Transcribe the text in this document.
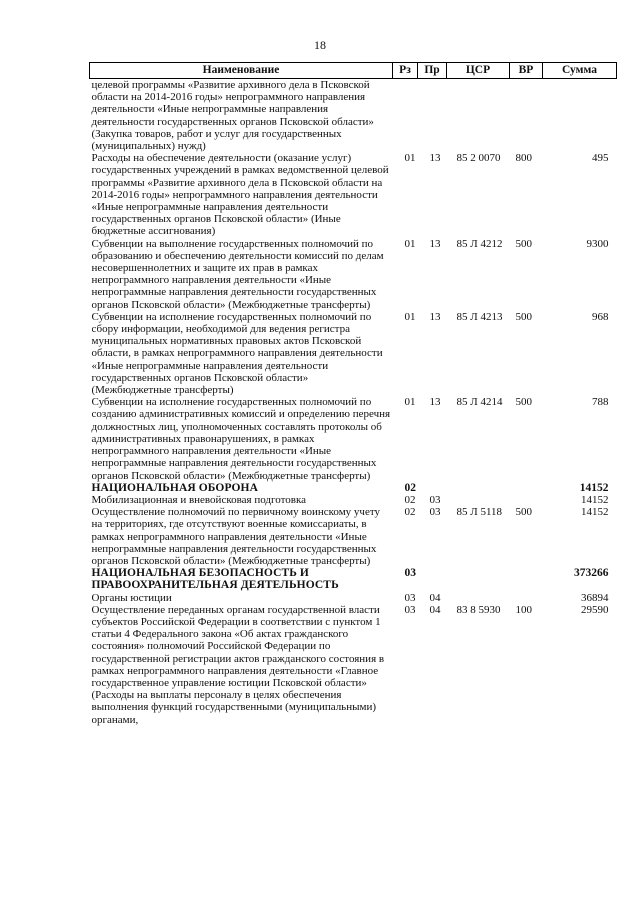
18
Наименование	Рз	Пр	ЦСР	ВР	Сумма
целевой программы «Развитие архивного дела в Псковской области на 2014-2016 годы» непрограммного направления деятельности «Иные непрограммные направления деятельности государственных органов Псковской области» (Закупка товаров, работ и услуг для государственных (муниципальных) нужд)					
Расходы на обеспечение деятельности (оказание услуг) государственных учреждений в рамках ведомственной целевой программы «Развитие архивного дела в Псковской области на 2014-2016 годы» непрограммного направления деятельности «Иные непрограммные направления деятельности государственных органов Псковской области» (Иные бюджетные ассигнования)	01	13	85 2 0070	800	495
Субвенции на выполнение государственных полномочий по образованию и обеспечению деятельности комиссий по делам несовершеннолетних и защите их прав в рамках непрограммного направления деятельности «Иные непрограммные направления деятельности государственных органов Псковской области» (Межбюджетные трансферты)	01	13	85 Л 4212	500	9300
Субвенции на исполнение государственных полномочий по сбору информации, необходимой для ведения регистра муниципальных нормативных правовых актов Псковской области, в рамках непрограммного направления деятельности «Иные непрограммные направления деятельности государственных органов Псковской области» (Межбюджетные трансферты)	01	13	85 Л 4213	500	968
Субвенции на исполнение государственных полномочий по созданию административных комиссий и определению перечня должностных лиц, уполномоченных составлять протоколы об административных правонарушениях, в рамках непрограммного направления деятельности «Иные непрограммные направления деятельности государственных органов Псковской области» (Межбюджетные трансферты)	01	13	85 Л 4214	500	788
НАЦИОНАЛЬНАЯ ОБОРОНА	02				14152
Мобилизационная и вневойсковая подготовка	02	03			14152
Осуществление полномочий по первичному воинскому учету на территориях, где отсутствуют военные комиссариаты, в рамках непрограммного направления деятельности «Иные непрограммные направления деятельности государственных органов Псковской области» (Межбюджетные трансферты)	02	03	85 Л 5118	500	14152
НАЦИОНАЛЬНАЯ БЕЗОПАСНОСТЬ И ПРАВООХРАНИТЕЛЬНАЯ ДЕЯТЕЛЬНОСТЬ	03				373266
Органы юстиции	03	04			36894
Осуществление переданных органам государственной власти субъектов Российской Федерации в соответствии с пунктом 1 статьи 4 Федерального закона «Об актах гражданского состояния» полномочий Российской Федерации по государственной регистрации актов гражданского состояния в рамках непрограммного направления деятельности «Главное государственное управление юстиции Псковской области» (Расходы на выплаты персоналу в целях обеспечения выполнения функций государственными (муниципальными) органами,	03	04	83 8 5930	100	29590
